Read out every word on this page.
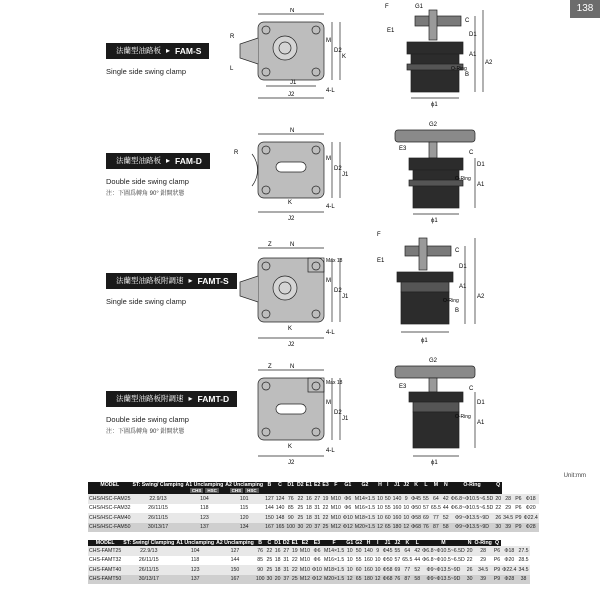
138
法蘭型油路板 ▸ FAM-S
Single side swing clamp
N
R
L
M
D2
K
J1
J2
4-L
F	G1
E1
C
D1
A1
A2
B
O-Ring
ϕ1
法蘭型油路板 ▸ FAM-D
Double side swing clamp
注：下圖爲轉角 90° 鉗開狀態
N
R
M
D2
J1
K
J2
4-L
G2
E3
C
D1
A1
O-Ring
ϕ1
法蘭型油路板附調速 ▸ FAMT-S
Single side swing clamp
Z	N
Max 18
M
D2
J1
K
J2
4-L
F
E1
C
D1
A1
A2
B
O-Ring
ϕ1
法蘭型油路板附調速 ▸ FAMT-D
Double side swing clamp
注：下圖爲轉角 90° 鉗開狀態
Z	N
Max 18
M
D2
J1
K
J2
4-L
G2
E3	C
D1
A1
O-Ring
ϕ1
Unit:mm
MODEL	ST: Swing/ Clamping	A1 Unclamping	A2 Unclamping	B	C	D1	D2	E1	E2	E3	F	G1	G2	H	I	J1	J2	K	L	M	N	O-Ring	Q			
		CHS HSC	CHS HSC																							
CHS/HSC-FAM25	22.9/13	104	101	127	124	76	22	16	27	19	M10	Φ6	M14×1.5	10	50	140	9	Φ45	55	64	42	Φ6.8~Φ10.5~6.5D	20	28	P6	Φ18
CHS/HSC-FAM32	26/11/15	118	115	144	140	85	25	18	31	22	M10	Φ6	M16×1.5	10	55	160	10	Φ50	57	65.5	44	Φ6.8~Φ10.5~6.5D	22	29	P6	Φ20
CHS/HSC-FAM40	26/11/15	123	120	150	148	90	25	18	31	22	M10	Φ10	M18×1.5	10	60	160	10	Φ58	69	77	52	Φ9~Φ13.5~9D	26	34.5	P9	Φ22.4
CHS/HSC-FAM50	30/13/17	137	134	167	165	100	30	20	37	25	M12	Φ12	M20×1.5	12	65	180	12	Φ68	76	87	58	Φ9~Φ13.5~9D	30	39	P9	Φ28
MODEL	ST: Swing/ Clamping	A1 Unclamping	A2 Unclamping	B	C	D1	D2	E1	E2	E3	F	G1	G2	H	I	J1	J2	K	L	M	N	O-Ring	Q		
CHS-FAMT25	22.9/13	104	127	76	22	16	27	19	M10	Φ6	M14×1.5	10	50	140	9	Φ45	55	64	42	Φ6.8~Φ10.5~6.5D	20	28	P6	Φ18	27.5
CHS-FAMT32	26/11/15	118	144	85	25	18	31	22	M10	Φ6	M16×1.5	10	55	160	10	Φ50	57	65.5	44	Φ6.8~Φ10.5~6.5D	22	29	P6	Φ20	28.5
CHS-FAMT40	26/11/15	123	150	90	25	18	31	22	M10	Φ10	M18×1.5	10	60	160	10	Φ58	69	77	52	Φ9~Φ13.5~9D	26	34.5	P9	Φ22.4	34.5
CHS-FAMT50	30/13/17	137	167	100	30	20	37	25	M12	Φ12	M20×1.5	12	65	180	12	Φ68	76	87	58	Φ9~Φ13.5~9D	30	39	P9	Φ28	38
